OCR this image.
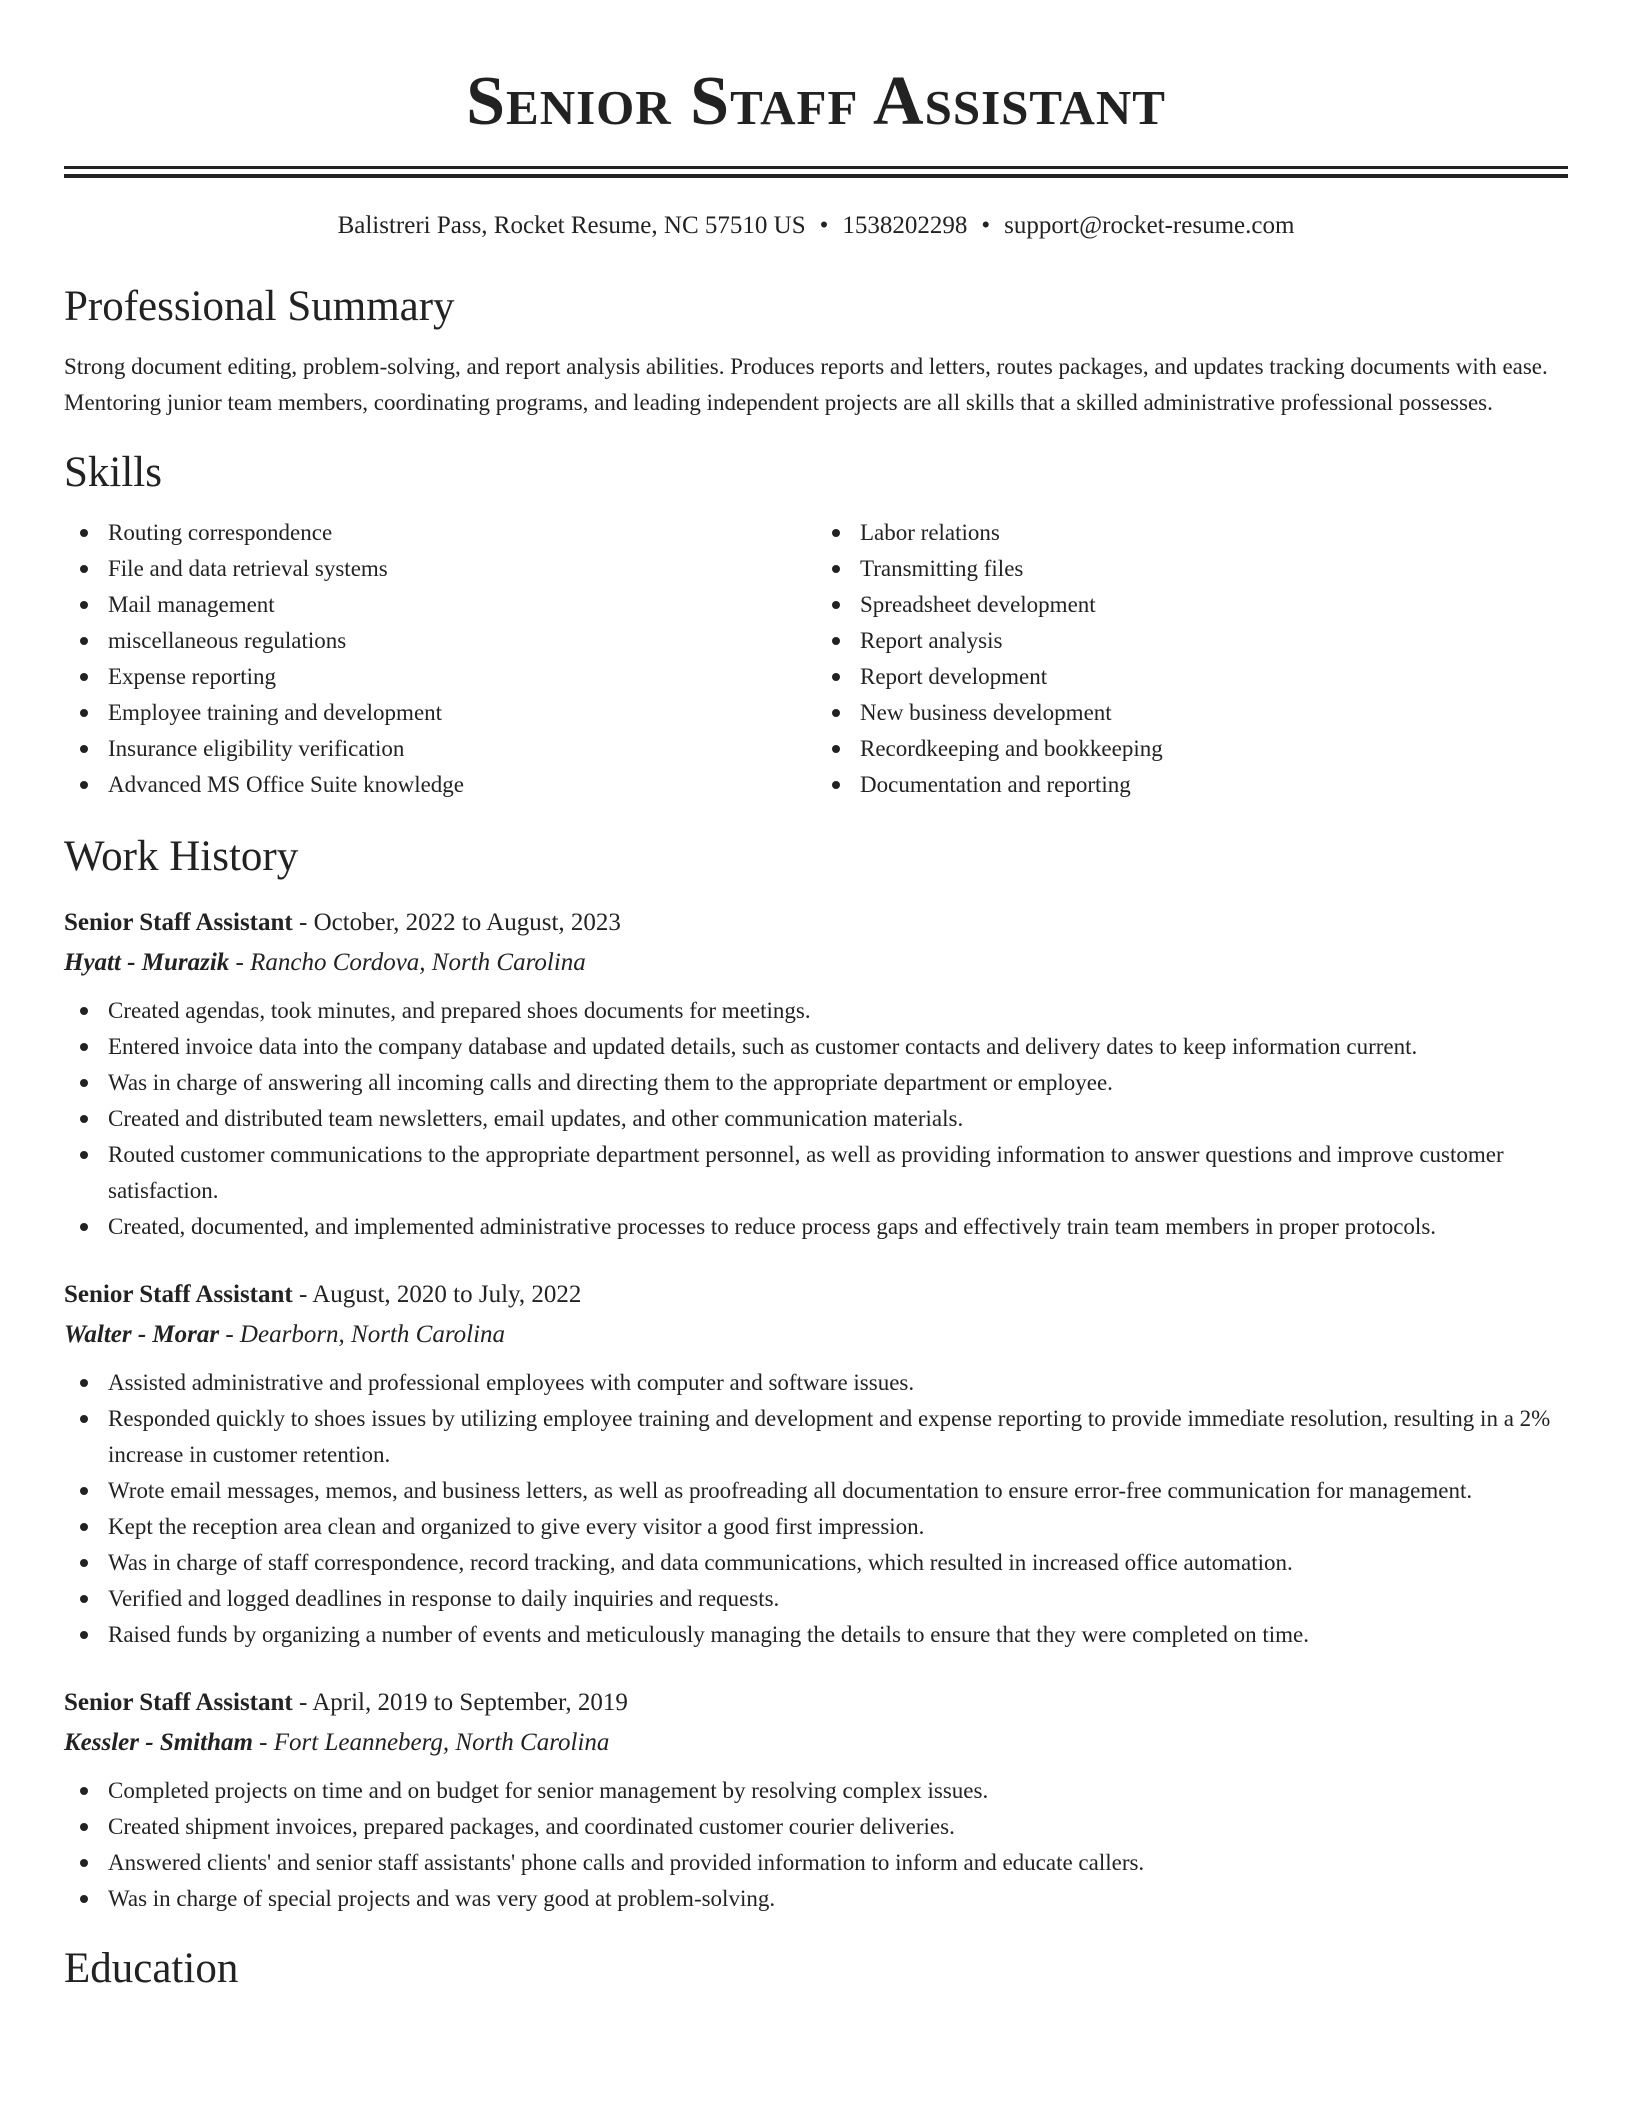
Senior Staff Assistant
Balistreri Pass, Rocket Resume, NC 57510 US • 1538202298 • support@rocket-resume.com
Professional Summary

Strong document editing, problem-solving, and report analysis abilities. Produces reports and letters, routes packages, and updates tracking documents with ease. Mentoring junior team members, coordinating programs, and leading independent projects are all skills that a skilled administrative professional possesses.

Skills
Routing correspondence
File and data retrieval systems
Mail management
miscellaneous regulations
Expense reporting
Employee training and development
Insurance eligibility verification
Advanced MS Office Suite knowledge
Labor relations
Transmitting files
Spreadsheet development
Report analysis
Report development
New business development
Recordkeeping and bookkeeping
Documentation and reporting
Work History
Senior Staff Assistant - October, 2022 to August, 2023
Hyatt - Murazik - Rancho Cordova, North Carolina
Created agendas, took minutes, and prepared shoes documents for meetings.
Entered invoice data into the company database and updated details, such as customer contacts and delivery dates to keep information current.
Was in charge of answering all incoming calls and directing them to the appropriate department or employee.
Created and distributed team newsletters, email updates, and other communication materials.
Routed customer communications to the appropriate department personnel, as well as providing information to answer questions and improve customer satisfaction.
Created, documented, and implemented administrative processes to reduce process gaps and effectively train team members in proper protocols.
Senior Staff Assistant - August, 2020 to July, 2022
Walter - Morar - Dearborn, North Carolina
Assisted administrative and professional employees with computer and software issues.
Responded quickly to shoes issues by utilizing employee training and development and expense reporting to provide immediate resolution, resulting in a 2% increase in customer retention.
Wrote email messages, memos, and business letters, as well as proofreading all documentation to ensure error-free communication for management.
Kept the reception area clean and organized to give every visitor a good first impression.
Was in charge of staff correspondence, record tracking, and data communications, which resulted in increased office automation.
Verified and logged deadlines in response to daily inquiries and requests.
Raised funds by organizing a number of events and meticulously managing the details to ensure that they were completed on time.
Senior Staff Assistant - April, 2019 to September, 2019
Kessler - Smitham - Fort Leanneberg, North Carolina
Completed projects on time and on budget for senior management by resolving complex issues.
Created shipment invoices, prepared packages, and coordinated customer courier deliveries.
Answered clients' and senior staff assistants' phone calls and provided information to inform and educate callers.
Was in charge of special projects and was very good at problem-solving.
Education
